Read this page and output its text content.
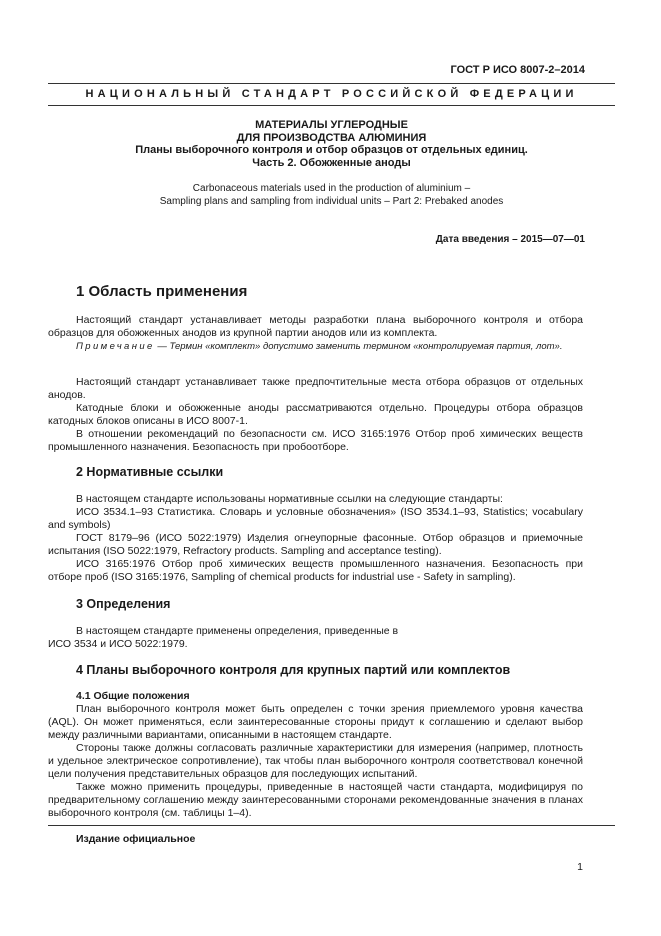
ГОСТ Р ИСО 8007-2–2014
НАЦИОНАЛЬНЫЙ СТАНДАРТ РОССИЙСКОЙ ФЕДЕРАЦИИ
МАТЕРИАЛЫ УГЛЕРОДНЫЕ
ДЛЯ ПРОИЗВОДСТВА АЛЮМИНИЯ
Планы выборочного контроля и отбор образцов от отдельных единиц.
Часть 2. Обожженные аноды
Carbonaceous materials used in the production of aluminium –
Sampling plans and sampling from individual units – Part 2: Prebaked anodes
Дата введения – 2015—07—01
1 Область применения

Настоящий стандарт устанавливает методы разработки плана выборочного контроля и отбора образцов для обожженных анодов из крупной партии анодов или из комплекта.

Примечание — Термин «комплект» допустимо заменить термином «контролируемая партия, лот».

Настоящий стандарт устанавливает также предпочтительные места отбора образцов от отдельных анодов.

Катодные блоки и обожженные аноды рассматриваются отдельно. Процедуры отбора образцов катодных блоков описаны в ИСО 8007-1.

В отношении рекомендаций по безопасности см. ИСО 3165:1976 Отбор проб химических веществ промышленного назначения. Безопасность при пробоотборе.

2 Нормативные ссылки

В настоящем стандарте использованы нормативные ссылки на следующие стандарты:

ИСО 3534.1–93 Статистика. Словарь и условные обозначения» (ISO 3534.1–93, Statistics; vocabulary and symbols)

ГОСТ 8179–96 (ИСО 5022:1979) Изделия огнеупорные фасонные. Отбор образцов и приемочные испытания (ISO 5022:1979, Refractory products. Sampling and acceptance testing).

ИСО 3165:1976 Отбор проб химических веществ промышленного назначения. Безопасность при отборе проб (ISO 3165:1976, Sampling of chemical products for industrial use - Safety in sampling).

3 Определения

В настоящем стандарте применены определения, приведенные в
ИСО 3534 и ИСО 5022:1979.

4 Планы выборочного контроля для крупных партий или комплектов
4.1 Общие положения

План выборочного контроля может быть определен с точки зрения приемлемого уровня качества (AQL). Он может применяться, если заинтересованные стороны придут к соглашению и сделают выбор между различными вариантами, описанными в настоящем стандарте.

Стороны также должны согласовать различные характеристики для измерения (например, плотность и удельное электрическое сопротивление), так чтобы план выборочного контроля соответствовал конечной цели получения представительных образцов для последующих испытаний.

Также можно применить процедуры, приведенные в настоящей части стандарта, модифицируя по предварительному соглашению между заинтересованными сторонами рекомендованные значения в планах выборочного контроля (см. таблицы 1–4).

Издание официальное
1
